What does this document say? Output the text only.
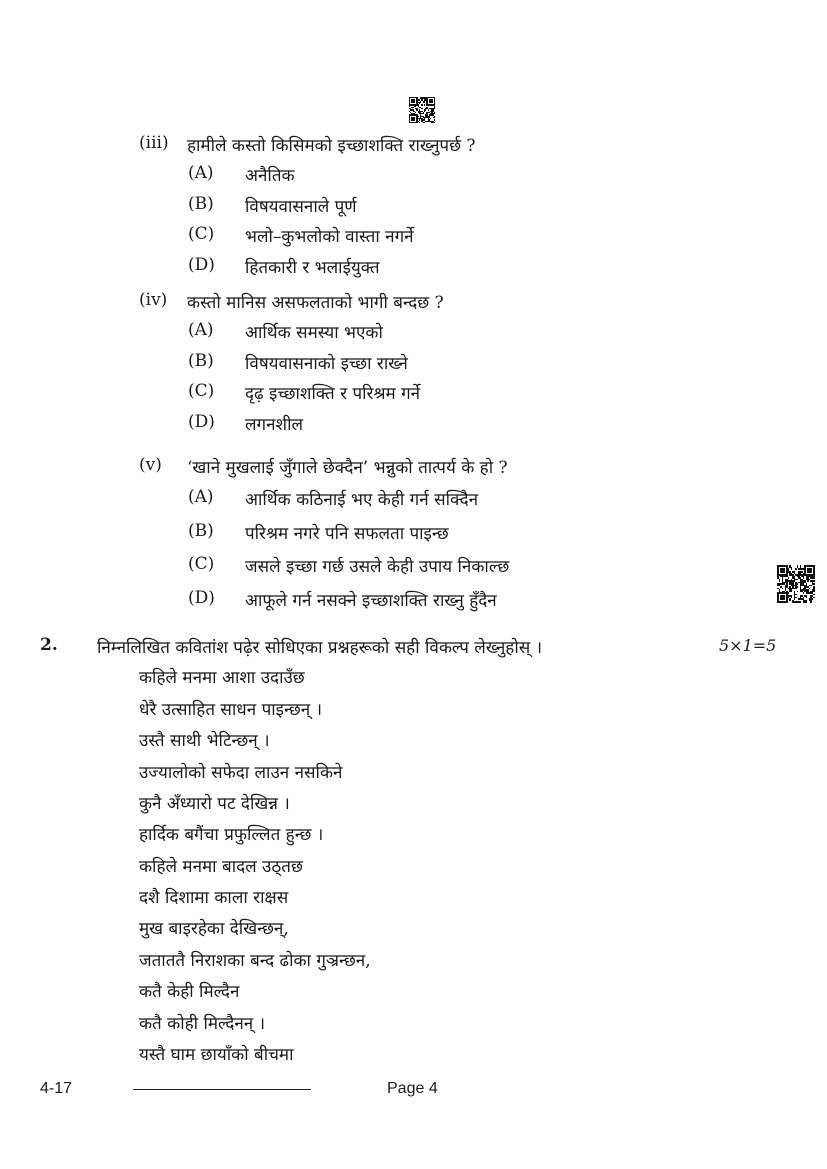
(iii) हामीले कस्तो किसिमको इच्छाशक्ति राख्नुपर्छ ?
(A) अनैतिक
(B) विषयवासनाले पूर्ण
(C) भलो–कुभलोको वास्ता नगर्ने
(D) हितकारी र भलाईयुक्त
(iv) कस्तो मानिस असफलताको भागी बन्दछ ?
(A) आर्थिक समस्या भएको
(B) विषयवासनाको इच्छा राख्ने
(C) दृढ़ इच्छाशक्ति र परिश्रम गर्ने
(D) लगनशील
(v) ‘खाने मुखलाई जुँगाले छेक्दैन’ भन्नुको तात्पर्य के हो ?
(A) आर्थिक कठिनाई भए केही गर्न सक्दिैन
(B) परिश्रम नगरे पनि सफलता पाइन्छ
(C) जसले इच्छा गर्छ उसले केही उपाय निकाल्छ
(D) आफूले गर्न नसक्ने इच्छाशक्ति राख्नु हुँदैन
2. निम्नलिखित कवितांश पढ़ेर सोधिएका प्रश्नहरूको सही विकल्प लेख्नुहोस् ।	5×1=5
कहिले मनमा आशा उदाउँछ
धेरै उत्साहित साधन पाइन्छन् ।
उस्तै साथी भेटिन्छन् ।
उज्यालोको सफेदा लाउन नसकिने
कुनै अँध्यारो पट देखिन्न ।
हार्दिक बगैंचा प्रफुल्लित हुन्छ ।
कहिले मनमा बादल उठ्तछ
दशै दिशामा काला राक्षस
मुख बाइरहेका देखिन्छन्,
जताततै निराशका बन्द ढोका गुञ्रन्छन,
कतै केही मिल्दैन
कतै कोही मिल्दैनन् ।
यस्तै घाम छायाँको बीचमा
4-17	Page 4
